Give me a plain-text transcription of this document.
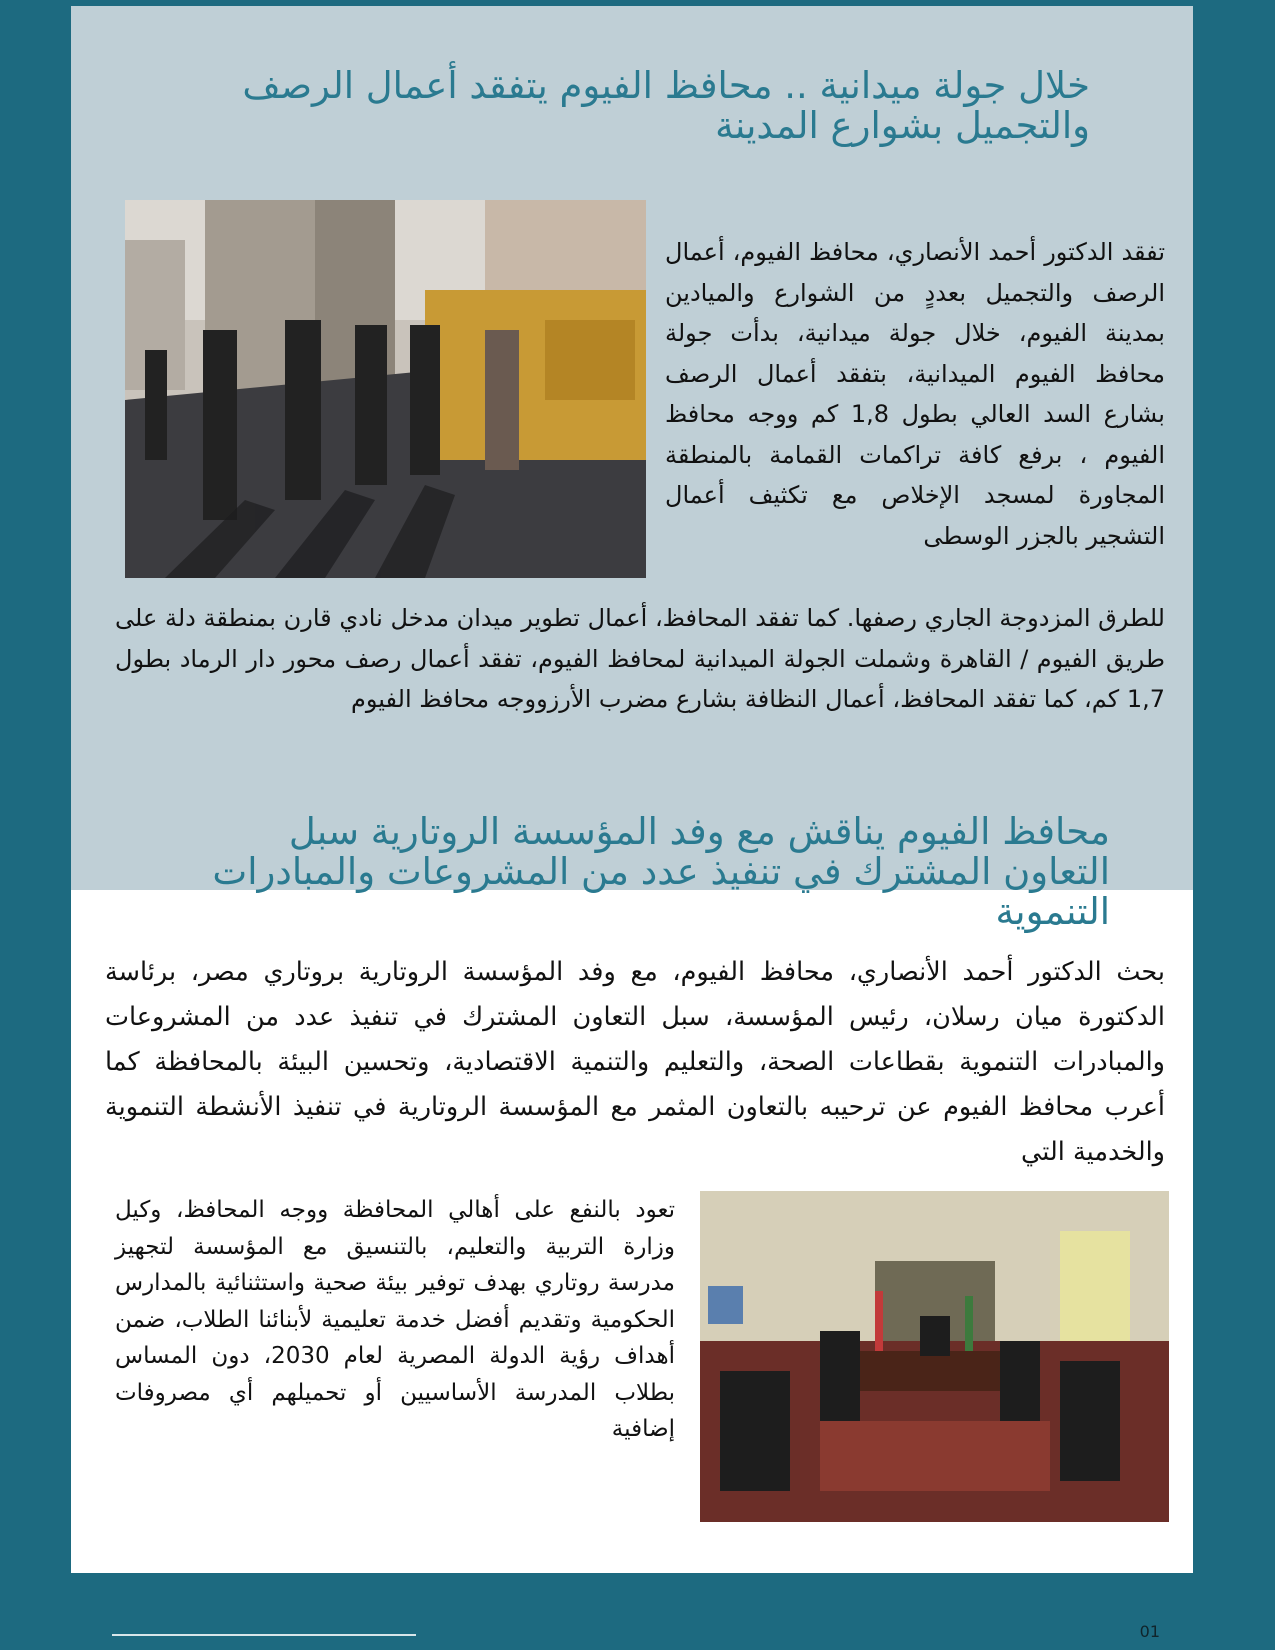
خلال جولة ميدانية .. محافظ الفيوم يتفقد أعمال الرصف والتجميل بشوارع المدينة

تفقد الدكتور أحمد الأنصاري، محافظ الفيوم، أعمال الرصف والتجميل بعددٍ من الشوارع والميادين بمدينة الفيوم، خلال جولة ميدانية، بدأت جولة محافظ الفيوم الميدانية، بتفقد أعمال الرصف بشارع السد العالي بطول 1,8 كم ووجه محافظ الفيوم ، برفع كافة تراكمات القمامة بالمنطقة المجاورة لمسجد الإخلاص مع تكثيف أعمال التشجير بالجزر الوسطى

للطرق المزدوجة الجاري رصفها. كما تفقد المحافظ، أعمال تطوير ميدان مدخل نادي قارن بمنطقة دلة على طريق الفيوم / القاهرة وشملت الجولة الميدانية لمحافظ الفيوم، تفقد أعمال رصف محور دار الرماد بطول 1,7 كم، كما تفقد المحافظ، أعمال النظافة بشارع مضرب الأرزووجه محافظ الفيوم

محافظ الفيوم يناقش مع وفد المؤسسة الروتارية سبل التعاون المشترك في تنفيذ عدد من المشروعات والمبادرات التنموية

بحث الدكتور أحمد الأنصاري، محافظ الفيوم، مع وفد المؤسسة الروتارية بروتاري مصر، برئاسة الدكتورة ميان رسلان، رئيس المؤسسة، سبل التعاون المشترك في تنفيذ عدد من المشروعات والمبادرات التنموية بقطاعات الصحة، والتعليم والتنمية الاقتصادية، وتحسين البيئة بالمحافظة كما أعرب محافظ الفيوم عن ترحيبه بالتعاون المثمر مع المؤسسة الروتارية في تنفيذ الأنشطة التنموية والخدمية التي

تعود بالنفع على أهالي المحافظة ووجه المحافظ، وكيل وزارة التربية والتعليم، بالتنسيق مع المؤسسة لتجهيز مدرسة روتاري بهدف توفير بيئة صحية واستثنائية بالمدارس الحكومية وتقديم أفضل خدمة تعليمية لأبنائنا الطلاب، ضمن أهداف رؤية الدولة المصرية لعام 2030، دون المساس بطلاب المدرسة الأساسيين أو تحميلهم أي مصروفات إضافية

01
